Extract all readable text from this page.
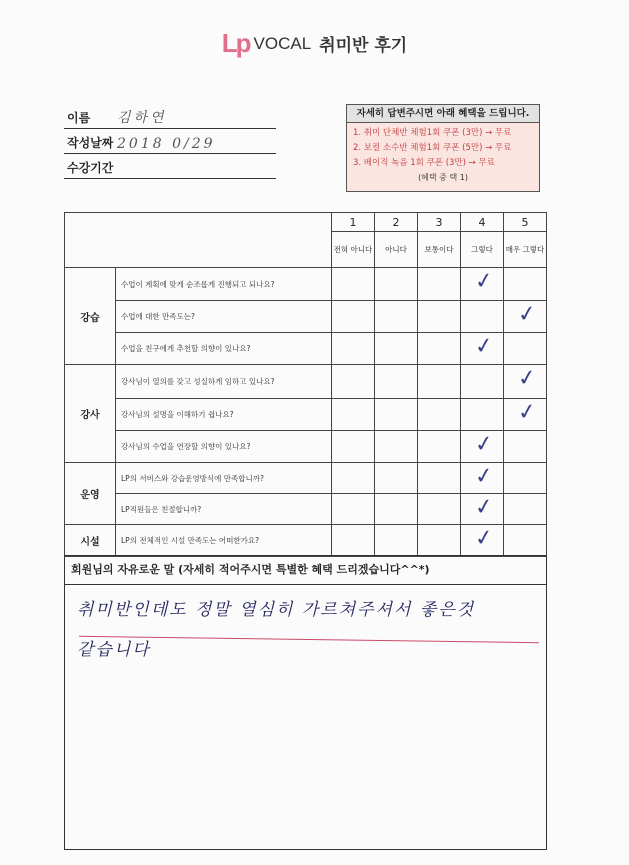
Lp VOCAL 취미반 후기
이름	김하연
작성날짜 2018 0/29
수강기간
자세히 답변주시면 아래 혜택을 드립니다.
1. 취미 단체반 체험1회 쿠폰 (3만) → 무료
2. 보컬 소수반 체험1회 쿠폰 (5만) → 무료
3. 베이직 녹음 1회 쿠폰 (3만) → 무료
(혜택 중 택 1)
		1	2	3	4	5
		전혀 아니다	아니다	보통이다	그렇다	매우 그렇다
강습	수업이 계획에 맞게 순조롭게 진행되고 되나요?				✓	

	수업에 대한 만족도는?					✓

	수업을 친구에게 추천할 의향이 있나요?				✓	

강사	강사님이 열의를 갖고 성실하게 임하고 있나요?					✓

	강사님의 설명을 이해하기 쉽나요?					✓

	강사님의 수업을 연장할 의향이 있나요?				✓	

운영	LP의 서비스와 강습운영방식에 만족합니까?				✓	

	LP직원들은 친절합니까?				✓	

시설	LP의 전체적인 시설 만족도는 어떠한가요?				✓	

회원님의 자유로운 말 (자세히 적어주시면 특별한 혜택 드리겠습니다^^*)
취미반인데도 정말 열심히 가르쳐주셔서 좋은것
같습니다
